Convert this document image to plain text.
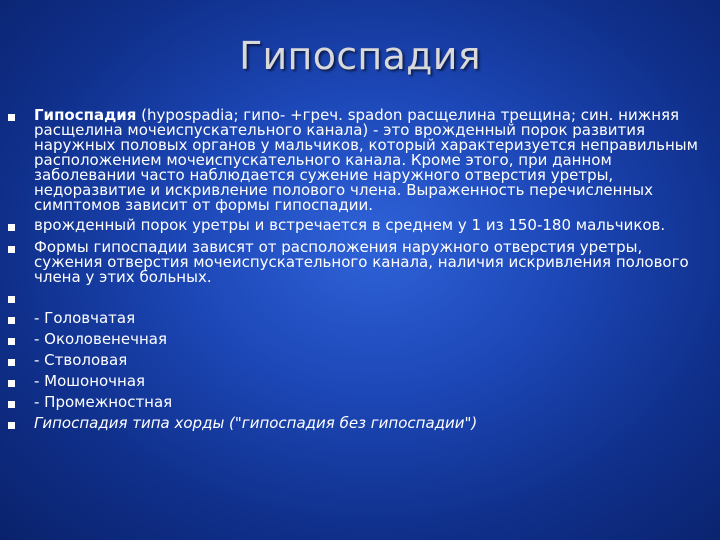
Гипоспадия
Гипоспадия (hypospadia; гипо- +греч. spadon расщелина трещина; син. нижняя расщелина мочеиспускательного канала) - это врожденный порок развития наружных половых органов у мальчиков, который характеризуется неправильным расположением мочеиспускательного канала. Кроме этого, при данном заболевании часто наблюдается сужение наружного отверстия уретры, недоразвитие и искривление полового члена. Выраженность перечисленных симптомов зависит от формы гипоспадии.
врожденный порок уретры и встречается в среднем у 1 из 150-180 мальчиков.
Формы гипоспадии зависят от расположения наружного отверстия уретры, сужения отверстия мочеиспускательного канала, наличия искривления полового члена у этих больных.
- Головчатая
- Околовенечная
- Стволовая
- Мошоночная
- Промежностная
Гипоспадия типа хорды ("гипоспадия без гипоспадии")
